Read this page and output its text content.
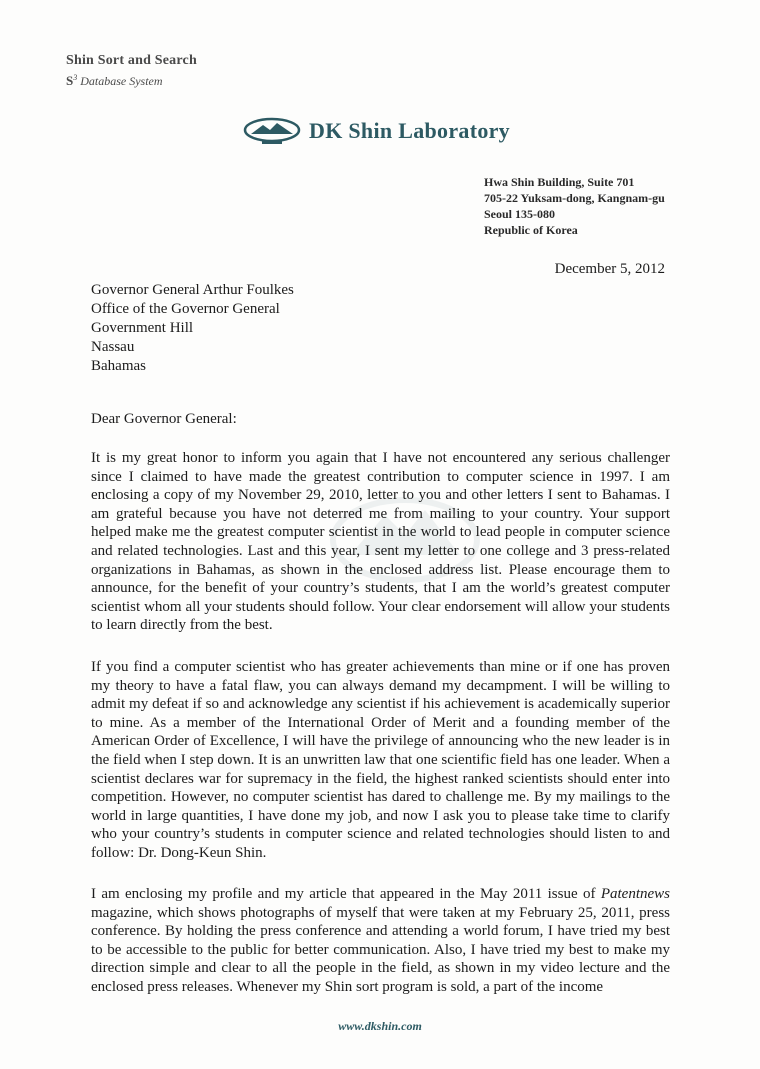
Shin Sort and Search
$S^3$ Database System
DK Shin Laboratory
Hwa Shin Building, Suite 701
705-22 Yuksam-dong, Kangnam-gu
Seoul 135-080
Republic of Korea
December 5, 2012
Governor General Arthur Foulkes
Office of the Governor General
Government Hill
Nassau
Bahamas
Dear Governor General:

It is my great honor to inform you again that I have not encountered any serious challenger since I claimed to have made the greatest contribution to computer science in 1997. I am enclosing a copy of my November 29, 2010, letter to you and other letters I sent to Bahamas. I am grateful because you have not deterred me from mailing to your country. Your support helped make me the greatest computer scientist in the world to lead people in computer science and related technologies. Last and this year, I sent my letter to one college and 3 press-related organizations in Bahamas, as shown in the enclosed address list. Please encourage them to announce, for the benefit of your country’s students, that I am the world’s greatest computer scientist whom all your students should follow. Your clear endorsement will allow your students to learn directly from the best.

If you find a computer scientist who has greater achievements than mine or if one has proven my theory to have a fatal flaw, you can always demand my decampment. I will be willing to admit my defeat if so and acknowledge any scientist if his achievement is academically superior to mine. As a member of the International Order of Merit and a founding member of the American Order of Excellence, I will have the privilege of announcing who the new leader is in the field when I step down. It is an unwritten law that one scientific field has one leader. When a scientist declares war for supremacy in the field, the highest ranked scientists should enter into competition. However, no computer scientist has dared to challenge me. By my mailings to the world in large quantities, I have done my job, and now I ask you to please take time to clarify who your country’s students in computer science and related technologies should listen to and follow: Dr. Dong-Keun Shin.

I am enclosing my profile and my article that appeared in the May 2011 issue of Patentnews magazine, which shows photographs of myself that were taken at my February 25, 2011, press conference. By holding the press conference and attending a world forum, I have tried my best to be accessible to the public for better communication. Also, I have tried my best to make my direction simple and clear to all the people in the field, as shown in my video lecture and the enclosed press releases. Whenever my Shin sort program is sold, a part of the income

www.dkshin.com
